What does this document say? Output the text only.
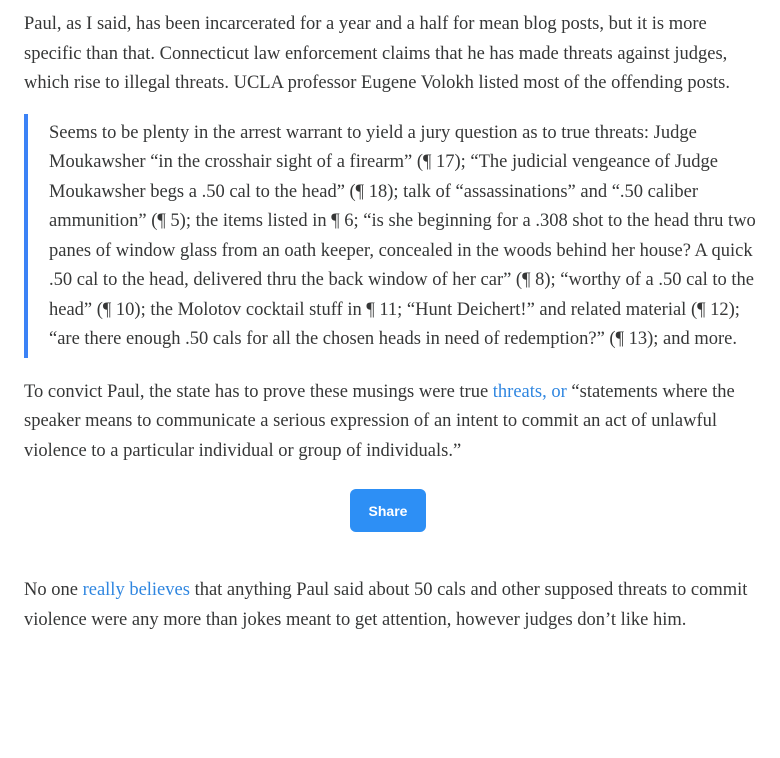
Paul, as I said, has been incarcerated for a year and a half for mean blog posts, but it is more specific than that. Connecticut law enforcement claims that he has made threats against judges, which rise to illegal threats. UCLA professor Eugene Volokh listed most of the offending posts.

Seems to be plenty in the arrest warrant to yield a jury question as to true threats: Judge Moukawsher “in the crosshair sight of a firearm” (¶ 17); “The judicial vengeance of Judge Moukawsher begs a .50 cal to the head” (¶ 18); talk of “assassinations” and “.50 caliber ammunition” (¶ 5); the items listed in ¶ 6; “is she beginning for a .308 shot to the head thru two panes of window glass from an oath keeper, concealed in the woods behind her house? A quick .50 cal to the head, delivered thru the back window of her car” (¶ 8); “worthy of a .50 cal to the head” (¶ 10); the Molotov cocktail stuff in ¶ 11; “Hunt Deichert!” and related material (¶ 12); “are there enough .50 cals for all the chosen heads in need of redemption?” (¶ 13); and more.

To convict Paul, the state has to prove these musings were true threats, or “statements where the speaker means to communicate a serious expression of an intent to commit an act of unlawful violence to a particular individual or group of individuals.”

Share

No one really believes that anything Paul said about 50 cals and other supposed threats to commit violence were any more than jokes meant to get attention, however judges don’t like him.
